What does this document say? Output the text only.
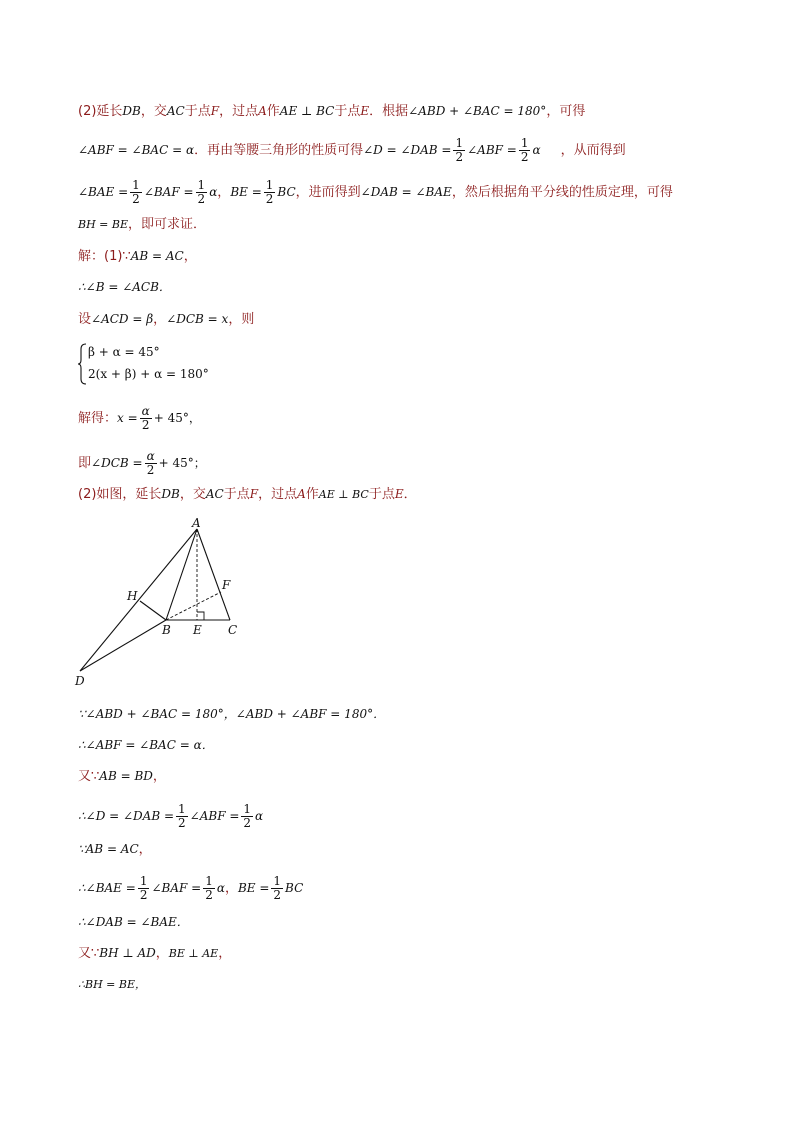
(2)延长DB，交AC于点F，过点A作AE ⊥ BC于点E．根据∠ABD + ∠BAC = 180°，可得
∠ABF = ∠BAC = α．再由等腰三角形的性质可得∠D = ∠DAB = $\frac{1}{2}$ ∠ABF = $\frac{1}{2}$ α ，从而得到
∠BAE = $\frac{1}{2}$ ∠BAF = $\frac{1}{2}$ α，BE = $\frac{1}{2}$ BC，进而得到∠DAB = ∠BAE，然后根据角平分线的性质定理，可得
BH = BE，即可求证．
解：(1)∵AB = AC，
∴∠B = ∠ACB．
设∠ACD = β，∠DCB = x，则
β + α = 45°
2(x + β) + α = 180°
解得：$x = \frac{\alpha}{2} + 45^\circ$，
即∠DCB = $\frac{\alpha}{2} + 45^\circ$；
(2)如图，延长DB，交AC于点F，过点A作AE ⊥ BC于点E．
A
H
F
B E C
D
∵∠ABD + ∠BAC = 180°，∠ABD + ∠ABF = 180°．
∴∠ABF = ∠BAC = α．
又∵AB = BD，
∴∠D = ∠DAB = $\frac{1}{2}$ ∠ABF = $\frac{1}{2}$ α
∵AB = AC，
∴∠BAE = $\frac{1}{2}$ ∠BAF = $\frac{1}{2}$ α，BE = $\frac{1}{2}$ BC
∴∠DAB = ∠BAE．
又∵BH ⊥ AD，BE ⊥ AE，
∴BH = BE，
